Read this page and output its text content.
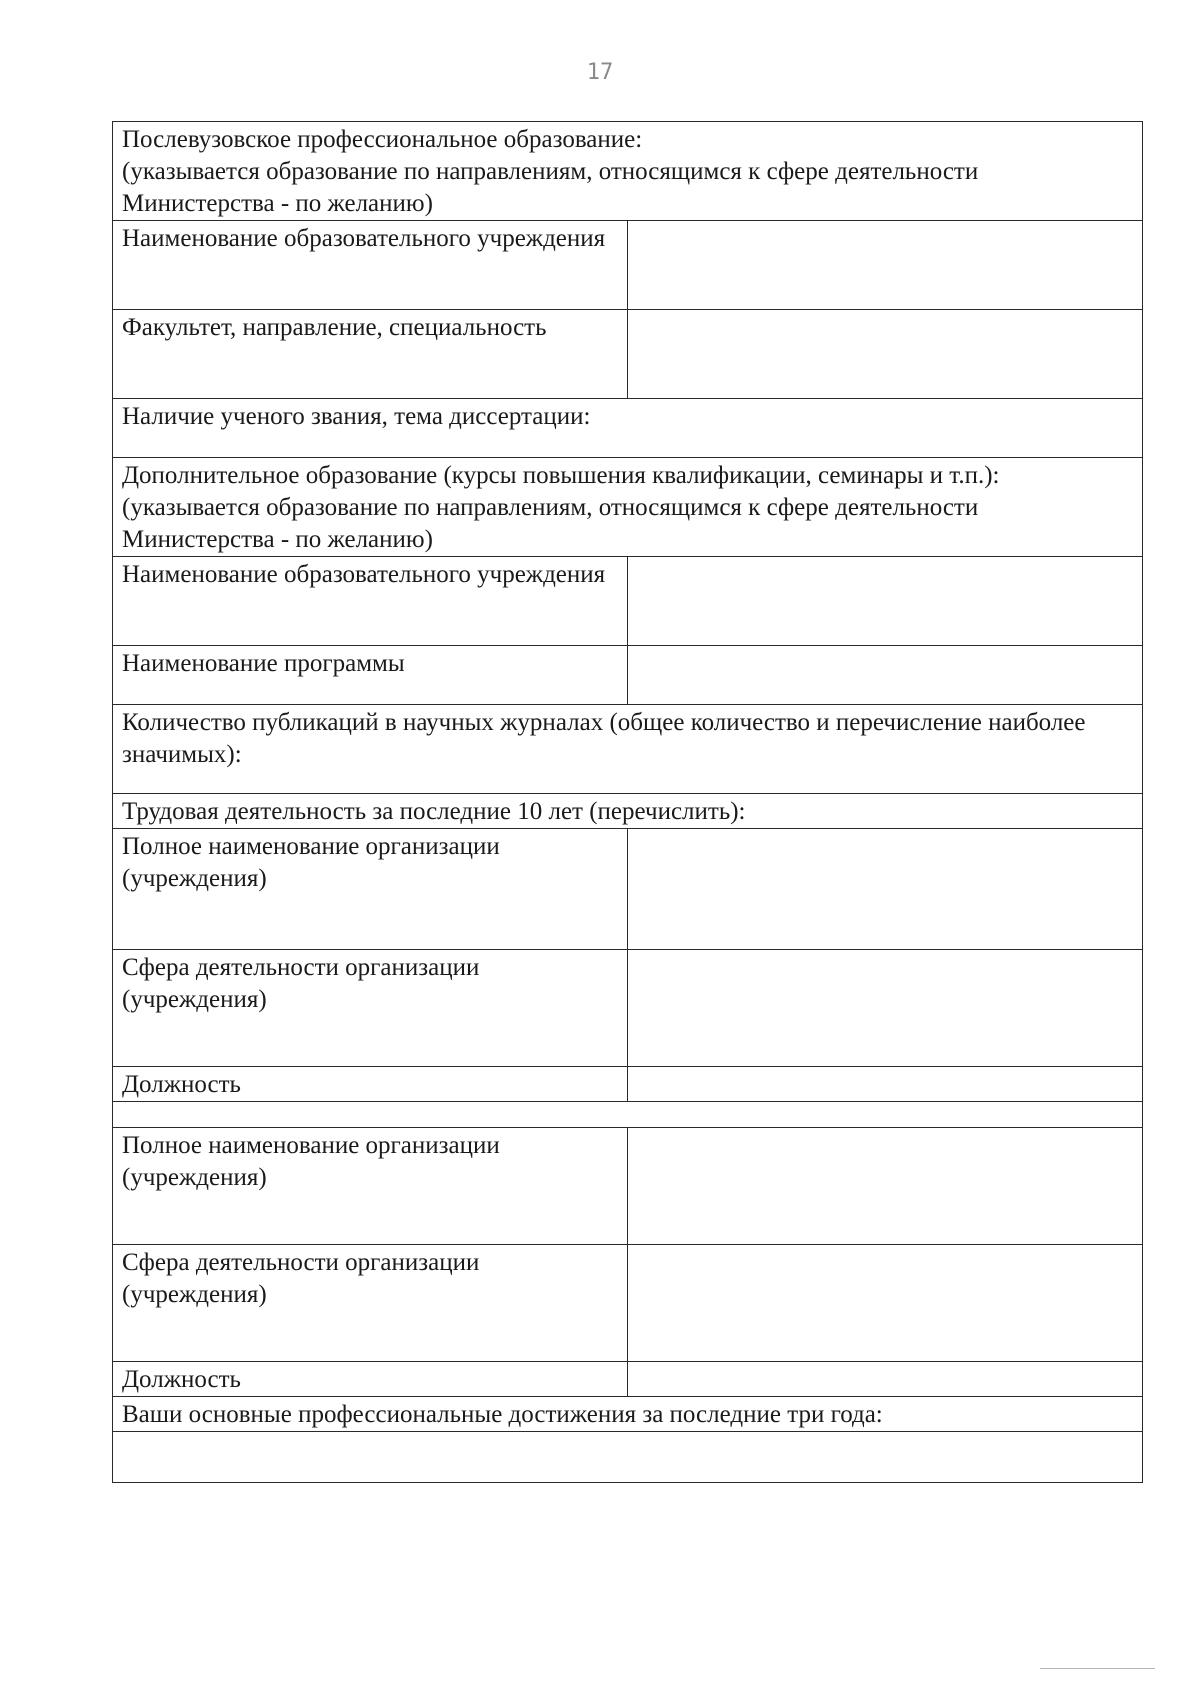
17
Послевузовское профессиональное образование:
(указывается образование по направлениям, относящимся к сфере деятельности Министерства - по желанию)	

Наименование образовательного учреждения	
Факультет, направление, специальность	

Наличие ученого звания, тема диссертации:	

Дополнительное образование (курсы повышения квалификации, семинары и т.п.):
(указывается образование по направлениям, относящимся к сфере деятельности Министерства - по желанию)	

Наименование образовательного учреждения	
Наименование программы	

Количество публикаций в научных журналах (общее количество и перечисление наиболее значимых):	

Трудовая деятельность за последние 10 лет (перечислить):	

Полное наименование организации (учреждения)	
Сфера деятельности организации (учреждения)	
Должность	

Полное наименование организации (учреждения)	
Сфера деятельности организации (учреждения)	
Должность	

Ваши основные профессиональные достижения за последние три года:	
